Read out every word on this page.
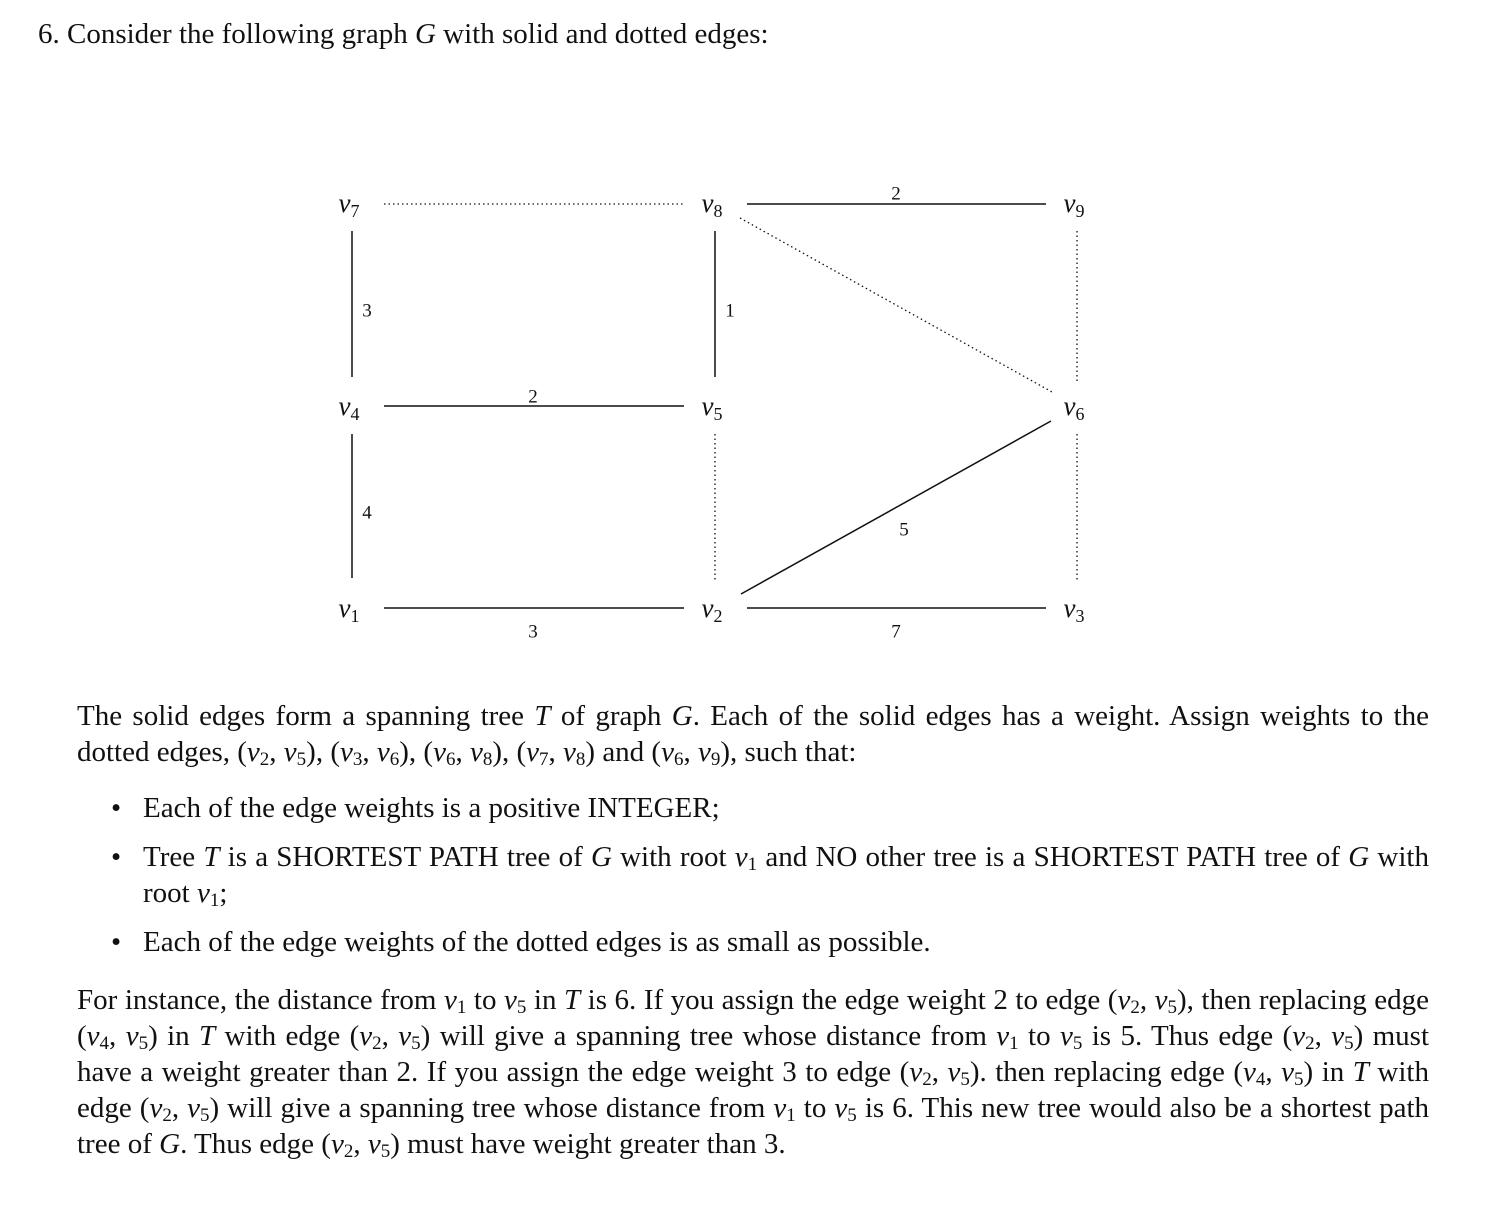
6. Consider the following graph G with solid and dotted edges:
2
3	1
2
4
5
3	7
v7	v8	v9
v4	v5	v6
v1	v2	v3

The solid edges form a spanning tree T of graph G. Each of the solid edges has a weight. Assign weights to the dotted edges, (v2, v5), (v3, v6), (v6, v8), (v7, v8) and (v6, v9), such that:

• Each of the edge weights is a positive INTEGER;
• Tree T is a SHORTEST PATH tree of G with root v1 and NO other tree is a SHORTEST PATH tree of G with root v1;
• Each of the edge weights of the dotted edges is as small as possible.

For instance, the distance from v1 to v5 in T is 6. If you assign the edge weight 2 to edge (v2, v5), then replacing edge (v4, v5) in T with edge (v2, v5) will give a spanning tree whose distance from v1 to v5 is 5. Thus edge (v2, v5) must have a weight greater than 2. If you assign the edge weight 3 to edge (v2, v5). then replacing edge (v4, v5) in T with edge (v2, v5) will give a spanning tree whose distance from v1 to v5 is 6. This new tree would also be a shortest path tree of G. Thus edge (v2, v5) must have weight greater than 3.
